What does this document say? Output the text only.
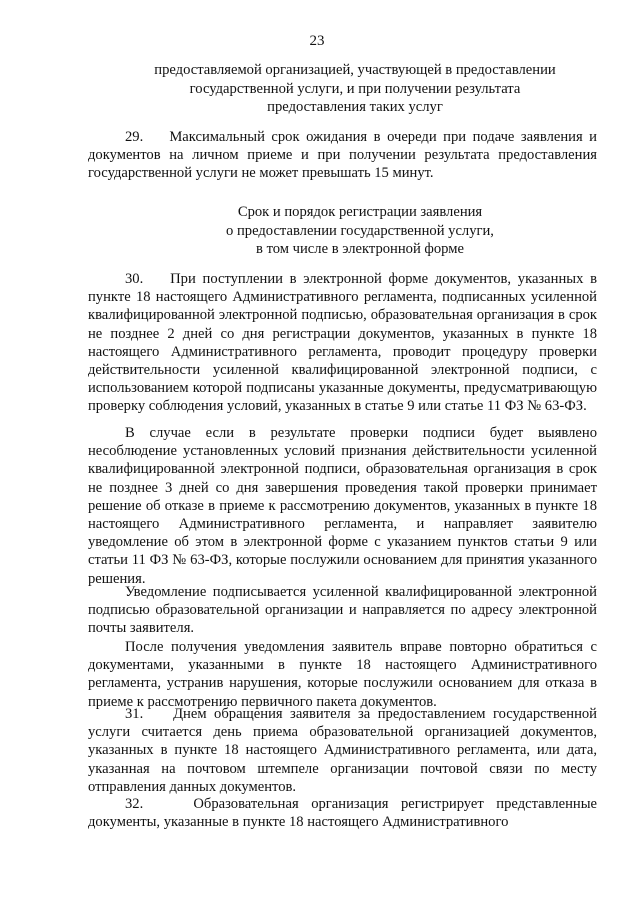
23
предоставляемой организацией, участвующей в предоставлении
государственной услуги, и при получении результата
предоставления таких услуг

29.    Максимальный срок ожидания в очереди при подаче заявления и документов на личном приеме и при получении результата предоставления государственной услуги не может превышать 15 минут.

Срок и порядок регистрации заявления
о предоставлении государственной услуги,
в том числе в электронной форме

30.    При поступлении в электронной форме документов, указанных в пункте 18 настоящего Административного регламента, подписанных усиленной квалифицированной электронной подписью, образовательная организация в срок не позднее 2 дней со дня регистрации документов, указанных в пункте 18 настоящего Административного регламента, проводит процедуру проверки действительности усиленной квалифицированной электронной подписи, с использованием которой подписаны указанные документы, предусматривающую проверку соблюдения условий, указанных в статье 9 или статье 11 ФЗ № 63-ФЗ.

В случае если в результате проверки подписи будет выявлено несоблюдение установленных условий признания действительности усиленной квалифицированной электронной подписи, образовательная организация в срок не позднее 3 дней со дня завершения проведения такой проверки принимает решение об отказе в приеме к рассмотрению документов, указанных в пункте 18 настоящего Административного регламента, и направляет заявителю уведомление об этом в электронной форме с указанием пунктов статьи 9 или статьи 11 ФЗ № 63-ФЗ, которые послужили основанием для принятия указанного решения.

Уведомление подписывается усиленной квалифицированной электронной подписью образовательной организации и направляется по адресу электронной почты заявителя.

После получения уведомления заявитель вправе повторно обратиться с документами, указанными в пункте 18 настоящего Административного регламента, устранив нарушения, которые послужили основанием для отказа в приеме к рассмотрению первичного пакета документов.

31.    Днем обращения заявителя за предоставлением государственной услуги считается день приема образовательной организацией документов, указанных в пункте 18 настоящего Административного регламента, или дата, указанная на почтовом штемпеле организации почтовой связи по месту отправления данных документов.

32.    Образовательная организация регистрирует представленные документы, указанные в пункте 18 настоящего Административного
